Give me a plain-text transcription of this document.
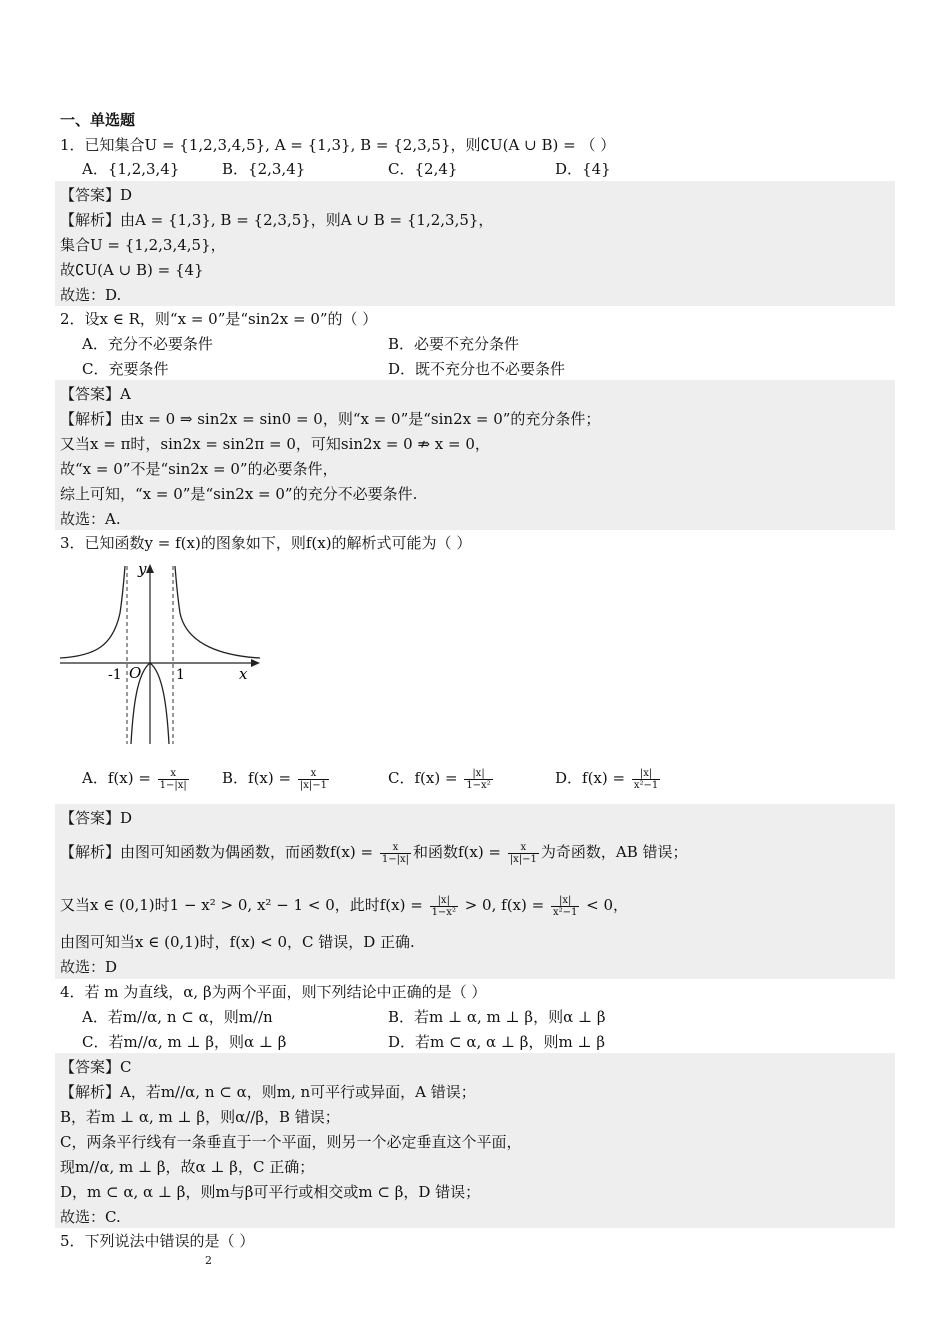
一、单选题
1．已知集合U = {1,2,3,4,5}, A = {1,3}, B = {2,3,5}，则∁U(A ∪ B) = （ ）
A．{1,2,3,4}	B．{2,3,4}	C．{2,4}	D．{4}
【答案】D
【解析】由A = {1,3}, B = {2,3,5}，则A ∪ B = {1,2,3,5}，
集合U = {1,2,3,4,5}，
故∁U(A ∪ B) = {4}
故选：D.
2．设x ∈ R，则“x = 0”是“sin2x = 0”的（ ）
A．充分不必要条件	B．必要不充分条件
C．充要条件	D．既不充分也不必要条件
【答案】A
【解析】由x = 0 ⇒ sin2x = sin0 = 0，则“x = 0”是“sin2x = 0”的充分条件；
又当x = π时，sin2x = sin2π = 0，可知sin2x = 0 ⇏ x = 0，
故“x = 0”不是“sin2x = 0”的必要条件，
综上可知，“x = 0”是“sin2x = 0”的充分不必要条件.
故选：A.
3．已知函数y = f(x)的图象如下，则f(x)的解析式可能为（ ）
y
x
O
-1	1
A．$f(x) = \frac{x}{1-|x|}$ B．$f(x) = \frac{x}{|x|-1}$	C．$f(x) = \frac{|x|}{\text{1−x²}}$	D．$f(x) = \frac{|x|}{\text{x²−1}}$
【答案】D
【解析】由图可知函数为偶函数，而函数$f(x) = \frac{x}{1-|x|}$ 和函数$f(x) = \frac{x}{|x|-1}$ 为奇函数，AB 错误；
又当x ∈ (0,1)时1 − x² > 0, x² − 1 < 0，此时$f(x) = \frac{|x|}{\text{1−x²}} > 0$, $f(x) = \frac{|x|}{\text{x²−1}} < 0$，
由图可知当x ∈ (0,1)时，f(x) < 0，C 错误，D 正确.
故选：D
4．若 m 为直线，α, β为两个平面，则下列结论中正确的是（ ）
A．若m//α, n ⊂ α，则m//n	B．若m ⊥ α, m ⊥ β，则α ⊥ β
C．若m//α, m ⊥ β，则α ⊥ β	D．若m ⊂ α, α ⊥ β，则m ⊥ β
【答案】C
【解析】A，若m//α, n ⊂ α，则m, n可平行或异面，A 错误；
B，若m ⊥ α, m ⊥ β，则α//β，B 错误；
C，两条平行线有一条垂直于一个平面，则另一个必定垂直这个平面，
现m//α, m ⊥ β，故α ⊥ β，C 正确；
D，m ⊂ α, α ⊥ β，则m与β可平行或相交或m ⊂ β，D 错误；
故选：C.
5．下列说法中错误的是（ ）
2
